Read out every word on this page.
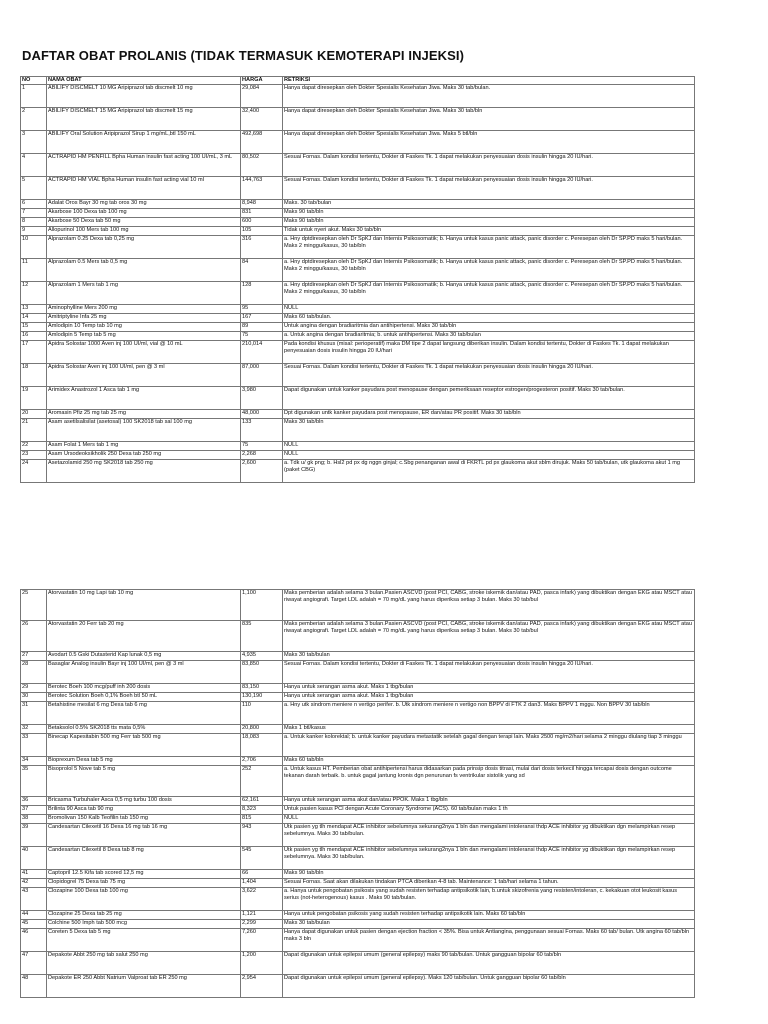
DAFTAR OBAT PROLANIS (TIDAK TERMASUK KEMOTERAPI INJEKSI)
NO	NAMA OBAT	HARGA	RETRIKSI
1	ABILIFY DISCMELT 10 MG Aripiprazol tab discmelt 10 mg	29,084	Hanya dapat diresepkan oleh Dokter Spesialis Kesehatan Jiwa. Maks 30 tab/bulan.
2	ABILIFY DISCMELT 15 MG Aripiprazol tab discmelt 15 mg	32,400	Hanya dapat diresepkan oleh Dokter Spesialis Kesehatan Jiwa. Maks 30 tab/bln
3	ABILIFY Oral Solution Aripiprazol Sirup 1 mg/mL,btl 150 mL	492,698	Hanya dapat diresepkan oleh Dokter Spesialis Kesehatan Jiwa. Maks 5 btl/bln
4	ACTRAPID HM PENFILL Bpha Human insulin fast acting 100 UI/mL, 3 mL	80,502	Sesuai Fornas. Dalam kondisi tertentu, Dokter di Faskes Tk. 1 dapat melakukan penyesuaian dosis insulin hingga 20 IU/hari.
5	ACTRAPID HM VIAL Bpha Human insulin fast acting vial 10 ml	144,763	Sesuai Fornas. Dalam kondisi tertentu, Dokter di Faskes Tk. 1 dapat melakukan penyesuaian dosis insulin hingga 20 IU/hari.
6	Adalat Oros Bayr 30 mg tab oros 30 mg	8,948	Maks. 30 tab/bulan
7	Akarbose 100 Dexa tab 100 mg	831	Maks 90 tab/bln
8	Akarbose 50 Dexa tab 50 mg	600	Maks 90 tab/bln
9	Allopurinol 100 Mers tab 100 mg	105	Tidak untuk nyeri akut. Maks 30 tab/bln
10	Alprazolam 0.25 Dexa tab 0,25 mg	316	a. Hny dptdiresepkan oleh Dr SpKJ dan Internis Psikosomatik; b. Hanya untuk kasus panic attack, panic disorder c. Peresepan oleh Dr SP.PD maks 5 hari/bulan. Maks 2 minggu/kasus, 30 tab/bln
11	Alprazolam 0.5 Mers tab 0,5 mg	84	a. Hny dptdiresepkan oleh Dr SpKJ dan Internis Psikosomatik; b. Hanya untuk kasus panic attack, panic disorder c. Peresepan oleh Dr SP.PD maks 5 hari/bulan. Maks 2 minggu/kasus, 30 tab/bln
12	Alprazolam 1 Mers tab 1 mg	128	a. Hny dptdiresepkan oleh Dr SpKJ dan Internis Psikosomatik; b. Hanya untuk kasus panic attack, panic disorder c. Peresepan oleh Dr SP.PD maks 5 hari/bulan. Maks 2 minggu/kasus, 30 tab/bln
13	Aminophylline Mers 200 mg	95	NULL
14	Amitriptyline Infa 25 mg	167	Maks 60 tab/bulan.
15	Amlodipin 10 Temp tab 10 mg	89	Untuk angina dengan bradiaritmia dan antihipertensi. Maks 30 tab/bln
16	Amlodipin 5 Temp tab 5 mg	75	a. Untuk angina dengan bradiaritmia; b. untuk antihipertensi. Maks 30 tab/bulan
17	Apidra Solostar 1000 Aven inj 100 UI/ml, vial @ 10 mL	210,014	Pada kondisi khusus (misal: perioperatif) maka DM tipe 2 dapat langsung diberikan insulin. Dalam kondisi tertentu, Dokter di Faskes Tk. 1 dapat melakukan penyesuaian dosis insulin hingga 20 IU/hari
18	Apidra Solostar Aven inj 100 UI/ml, pen @ 3 ml	87,000	Sesuai Fornas. Dalam kondisi tertentu, Dokter di Faskes Tk. 1 dapat melakukan penyesuaian dosis insulin hingga 20 IU/hari.
19	Arimidex Anastrozol 1 Asca tab 1 mg	3,980	Dapat digunakan untuk kanker payudara post menopause dengan pemeriksaan reseptor estrogen/progesteron positif. Maks 30 tab/bulan.
20	Aromasin Pfiz 25 mg tab 25 mg	48,000	Dpt digunakan untk kanker payudara post menopause, ER dan/atau PR positif. Maks 30 tab/bln
21	Asam asetilsalisilat (asetosal) 100 SK2018 tab sal 100 mg	133	Maks 30 tab/bln
22	Asam Folat 1 Mers tab 1 mg	75	NULL
23	Asam Ursodeoksikholik 250 Dexa tab 250 mg	2,268	NULL
24	Asetazolamid 250 mg SK2018 tab 250 mg	2,600	a. Tdk u/ gk png; b. Hsl2 pd px dg nggn ginjal; c.Sbg penanganan awal di FKRTL pd px glaukoma akut sblm dirujuk. Maks 50 tab/bulan, utk glaukoma akut 1 mg (paket CBG)
25	Atorvastatin 10 mg Lapi tab 10 mg	1,100	Maks pemberian adalah selama 3 bulan.Pasien ASCVD (post PCI, CABG, stroke iskemik dan/atau PAD, pasca infark) yang dibuktikan dengan EKG atau MSCT atau riwayat angiografi. Target LDL adalah = 70 mg/dL yang harus diperiksa setiap 3 bulan. Maks 30 tab/bul
26	Atorvastatin 20 Ferr tab 20 mg	835	Maks pemberian adalah selama 3 bulan.Pasien ASCVD (post PCI, CABG, stroke iskemik dan/atau PAD, pasca infark) yang dibuktikan dengan EKG atau MSCT atau riwayat angiografi. Target LDL adalah = 70 mg/dL yang harus diperiksa setiap 3 bulan. Maks 30 tab/bul
27	Avodart 0.5 Gski Dutasterid Kap lunak 0,5 mg	4,935	Maks 30 tab/bulan
28	Basaglar Analog insulin Bayr inj 100 UI/ml, pen @ 3 ml	83,850	Sesuai Fornas. Dalam kondisi tertentu, Dokter di Faskes Tk. 1 dapat melakukan penyesuaian dosis insulin hingga 20 IU/hari.
29	Berotec Boeh 100 mcg/puff inh 200 dosis	83,150	Hanya untuk serangan asma akut. Maks 1 tbg/bulan
30	Berotec Solution Boeh 0,1% Boeh btl 50 mL	130,190	Hanya untuk serangan asma akut. Maks 1 tbg/bulan
31	Betahistine mesilat 6 mg Dexa tab 6 mg	110	a. Hny utk sindrom meniere n vertigo perifer. b. Utk sindrom meniere n vertigo non BPPV di FTK 2 dan3. Maks BPPV 1 mggu. Non BPPV 30 tab/bln
32	Betaksolol 0.5% SK2018 tts mata 0,5%	20,800	Maks 1 btl/kasus
33	Binecap Kapesitabin 500 mg Ferr tab 500 mg	18,083	a. Untuk kanker kolorektal; b. untuk kanker payudara metastatik setelah gagal dengan terapi lain. Maks 2500 mg/m2/hari selama 2 minggu diulang tiap 3 minggu
34	Bioprexum Dexa tab 5 mg	2,706	Maks 60 tab/bln
35	Bisoprolol 5 Nove tab 5 mg	252	a. Untuk kasus HT. Pemberian obat antihipertensi harus didasarkan pada prinsip dosis titrasi, mulai dari dosis terkecil hingga tercapai dosis dengan outcome tekanan darah terbaik. b. untuk gagal jantung kronis dgn penurunan fs ventrikular sistolik yang sd
36	Bricasma Turbuhaler Asca 0,5 mg turbu 100 dosis	62,161	Hanya untuk serangan asma akut dan/atau PPOK. Maks 1 tbg/bln
37	Brilinta 90 Asca tab 90 mg	8,323	Untuk pasien kasus PCI dengan Acute Coronary Syndrome (ACS). 60 tab/bulan maks 1 th
38	Bromolivan 150 Kalb Teofilin tab 150 mg	815	NULL
39	Candesartan Cilexetil 16 Dexa 16 mg tab 16 mg	943	Utk pasien yg tlh mendapat ACE inhibitor sebelumnya sekurang2nya 1 bln dan mengalami intoleransi thdp ACE inhibitor yg dibuktikan dgn melampirkan resep sebelumnya. Maks 30 tab/bulan.
40	Candesartan Cilexetil 8 Dexa tab 8 mg	545	Utk pasien yg tlh mendapat ACE inhibitor sebelumnya sekurang2nya 1 bln dan mengalami intoleransi thdp ACE inhibitor yg dibuktikan dgn melampirkan resep sebelumnya. Maks 30 tab/bulan.
41	Captopril 12.5 Kifa tab scored 12,5 mg	66	Maks 90 tab/bln
42	Clopidogrel 75 Dexa tab 75 mg	1,404	Sesuai Fornas. Saat akan dilakukan tindakan PTCA diberikan 4-8 tab. Maintenance: 1 tab/hari selama 1 tahun.
43	Clozapine 100 Dexa tab 100 mg	3,622	a. Hanya untuk pengobatan psikosis yang sudah resisten terhadap antipsikotik lain, b.untuk skizofrenia yang resisten/intoleran, c. kekakuan otot leukosit kasus serius (not-heterogenous) kasus . Maks 90 tab/bulan.
44	Clozapine 25 Dexa tab 25 mg	1,121	Hanya untuk pengobatan psikosis yang sudah resisten terhadap antipsikotik lain. Maks 60 tab/bln
45	Colchine 500 Imph tab 500 mcg	2,299	Maks 30 tab/bulan
46	Coreten 5 Dexa tab 5 mg	7,260	Hanya dapat digunakan untuk pasien dengan ejection fraction < 35%. Bisa untuk Antiangina, penggunaan sesuai Fornas. Maks 60 tab/ bulan. Utk angina 60 tab/bln maks 3 bln
47	Depakote Abbt 250 mg tab salut 250 mg	1,200	Dapat digunakan untuk epilepsi umum (general epilepsy) maks 90 tab/bulan. Untuk gangguan bipolar 60 tab/bln
48	Depakote ER 250 Abbt Natrium Valproat tab ER 250 mg	2,954	Dapat digunakan untuk epilepsi umum (general epilepsy). Maks 120 tab/bulan. Untuk gangguan bipolar 60 tab/bln
